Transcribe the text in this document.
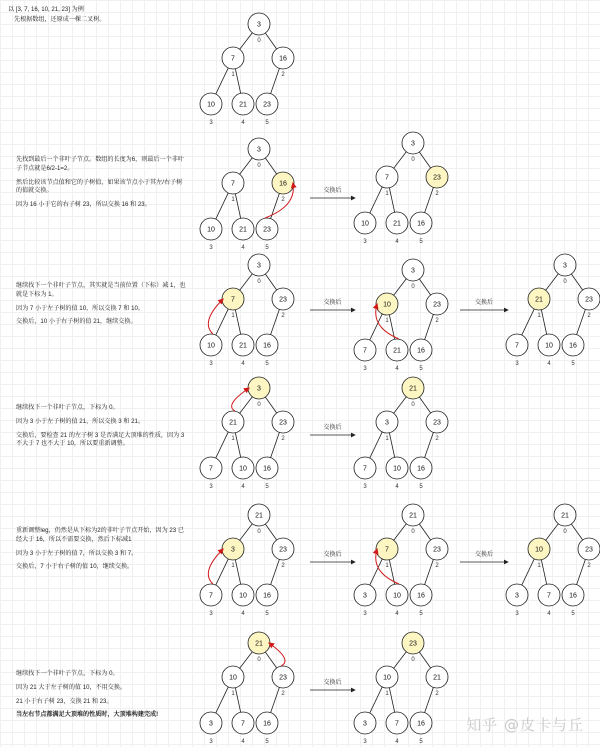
以 [3, 7, 16, 10, 21, 23] 为例

先根据数组，还原成一棵二叉树。

先找到最后一个非叶子节点。数组的长度为6，则最后一个非叶子节点就是6/2-1=2。

然后比较该节点值和它的子树值，如果该节点小于其左/右子树的值就交换。

因为 16 小于它的右子树 23，所以交换 16 和 23。

继续找下一个非叶子节点，其实就是当前位置（下标）减 1，也就是下标为 1。

因为 7 小于左子树的值 10，所以交换 7 和 10。

交换后，10 小于右子树的值 21，继续交换。

继续找下一个非叶子节点，下标为 0。

因为 3 小于左子树的值 21，所以交换 3 和 21。

交换后，要检查 21 的左子树 3 是否满足大顶堆的性质，因为 3 不大于 7 也不大于 10，所以要重新调整。

重新调整leg，仍然是从下标为2的非叶子节点开始，因为 23 已经大于 16，所以不需要交换，然后下标减1

因为 3 小于左子树的值 7，所以交换 3 和 7。

交换后，7 小于右子树的值 10，继续交换。

继续找下一个非叶子节点，下标为 0。

因为 21 大于左子树的值 10，不用交换。

21 小于右子树 23，交换 21 和 23。

当左右节点都满足大顶堆的性质时，大顶堆构建完成!

3
0
7
1
16
2
10
3
21
4
23
5
3
0
7
1
16
2
10
3
21
4
23
5
3
0
7
1
23
2
10
3
21
4
16
5
3
0
7
1
23
2
10
3
21
4
16
5
3
0
10
1
23
2
7
3
21
4
16
5
3
0
21
1
23
2
7
3
10
4
16
5
3
0
21
1
23
2
7
3
10
4
16
5
21
0
3
1
23
2
7
3
10
4
16
5
21
0
3
1
23
2
7
3
10
4
16
5
21
0
7
1
23
2
3
3
10
4
16
5
21
0
10
1
23
2
3
3
7
4
16
5
21
0
10
1
23
2
3
3
7
4
16
5
23
0
10
1
21
2
3
3
7
4
16
5
交换后
交换后	交换后
交换后
交换后	交换后
交换后
知乎 @皮卡与丘
